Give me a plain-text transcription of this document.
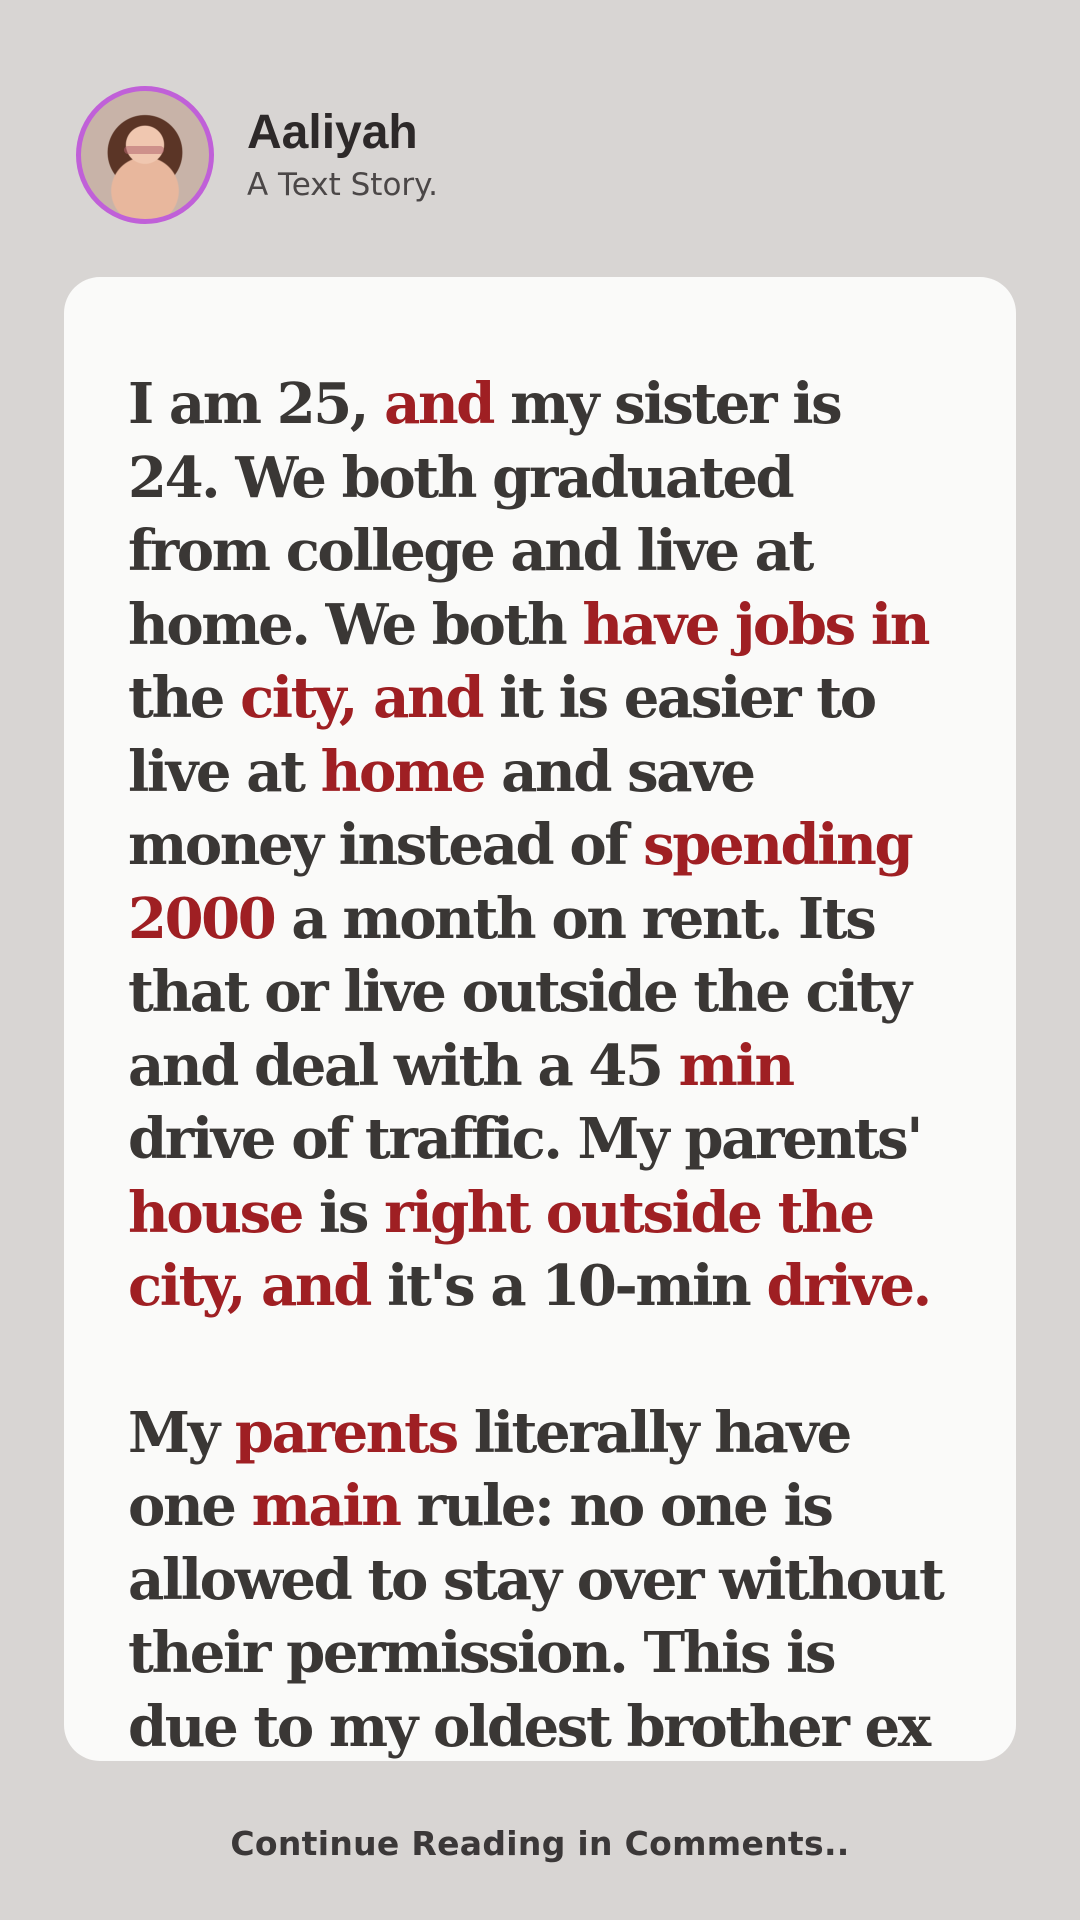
Aaliyah
A Text Story.

I am 25, and my sister is 24. We both graduated from college and live at home. We both have jobs in the city, and it is easier to live at home and save money instead of spending 2000 a month on rent. Its that or live outside the city and deal with a 45 min drive of traffic. My parents' house is right outside the city, and it's a 10-min drive.

My parents literally have one main rule: no one is allowed to stay over without their permission. This is due to my oldest brother ex

Continue Reading in Comments..
